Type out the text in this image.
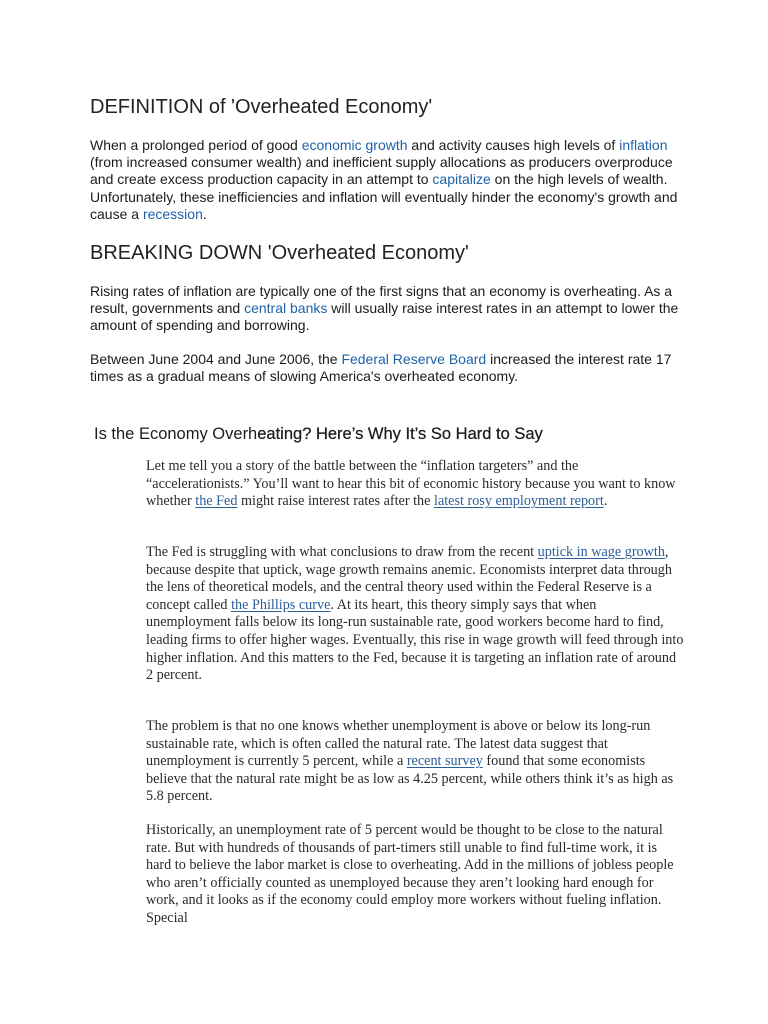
DEFINITION of 'Overheated Economy'

When a prolonged period of good economic growth and activity causes high levels of inflation (from increased consumer wealth) and inefficient supply allocations as producers overproduce and create excess production capacity in an attempt to capitalize on the high levels of wealth. Unfortunately, these inefficiencies and inflation will eventually hinder the economy's growth and cause a recession.

BREAKING DOWN 'Overheated Economy'

Rising rates of inflation are typically one of the first signs that an economy is overheating. As a result, governments and central banks will usually raise interest rates in an attempt to lower the amount of spending and borrowing.

Between June 2004 and June 2006, the Federal Reserve Board increased the interest rate 17 times as a gradual means of slowing America's overheated economy.

Is the Economy Overheating? Here’s Why It’s So Hard to Say

Let me tell you a story of the battle between the “inflation targeters” and the “accelerationists.” You’ll want to hear this bit of economic history because you want to know whether the Fed might raise interest rates after the latest rosy employment report.

The Fed is struggling with what conclusions to draw from the recent uptick in wage growth, because despite that uptick, wage growth remains anemic. Economists interpret data through the lens of theoretical models, and the central theory used within the Federal Reserve is a concept called the Phillips curve. At its heart, this theory simply says that when unemployment falls below its long-run sustainable rate, good workers become hard to find, leading firms to offer higher wages. Eventually, this rise in wage growth will feed through into higher inflation. And this matters to the Fed, because it is targeting an inflation rate of around 2 percent.

The problem is that no one knows whether unemployment is above or below its long-run sustainable rate, which is often called the natural rate. The latest data suggest that unemployment is currently 5 percent, while a recent survey found that some economists believe that the natural rate might be as low as 4.25 percent, while others think it’s as high as 5.8 percent.

Historically, an unemployment rate of 5 percent would be thought to be close to the natural rate. But with hundreds of thousands of part-timers still unable to find full-time work, it is hard to believe the labor market is close to overheating. Add in the millions of jobless people who aren’t officially counted as unemployed because they aren’t looking hard enough for work, and it looks as if the economy could employ more workers without fueling inflation. Special
